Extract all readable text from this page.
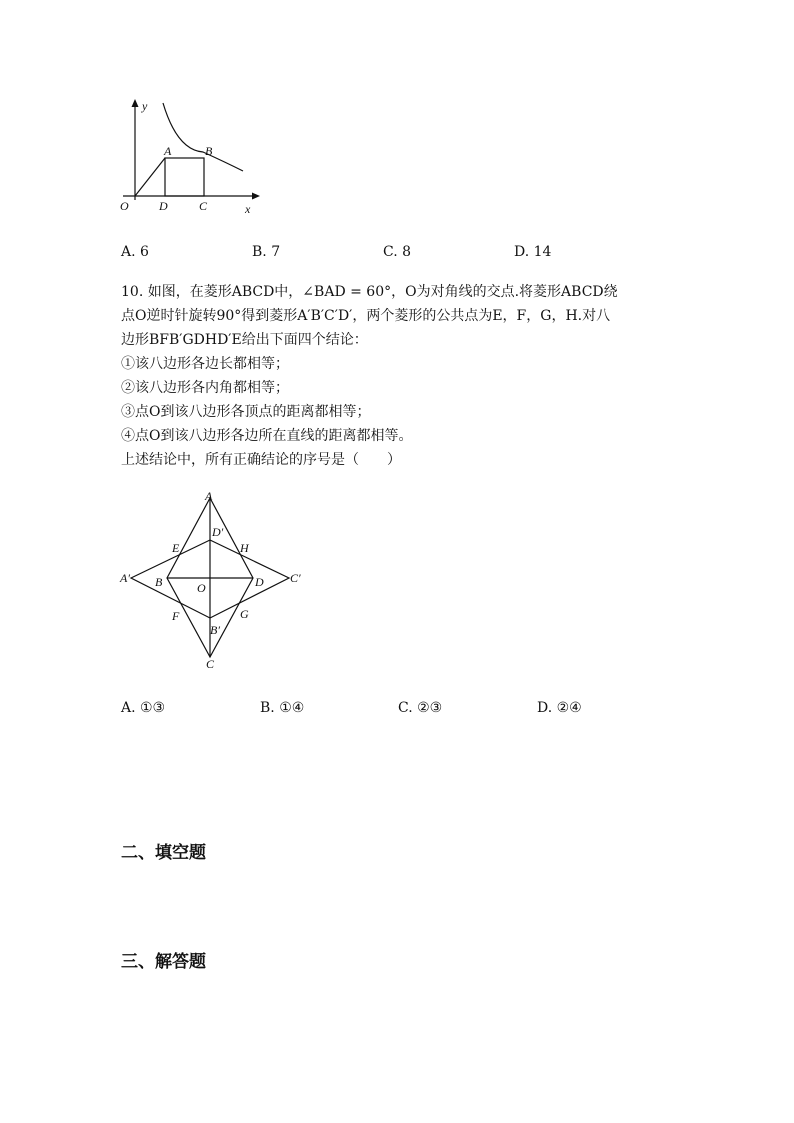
y
x
O
A	B
D	C
A. 6	B. 7	C. 8	D. 14
10. 如图，在菱形ABCD中，∠BAD = 60°，O为对角线的交点.将菱形ABCD绕
点O逆时针旋转90°得到菱形A′B′C′D′，两个菱形的公共点为E，F，G，H.对八
边形BFB′GDHD′E给出下面四个结论：
①该八边形各边长都相等；
②该八边形各内角都相等；
③点O到该八边形各顶点的距离都相等；
④点O到该八边形各边所在直线的距离都相等。
上述结论中，所有正确结论的序号是（　　）
A
C
A′	C′
B	D
O
D′
B′
E	H
F	G
A. ①③	B. ①④	C. ②③	D. ②④
二、填空题
三、解答题
